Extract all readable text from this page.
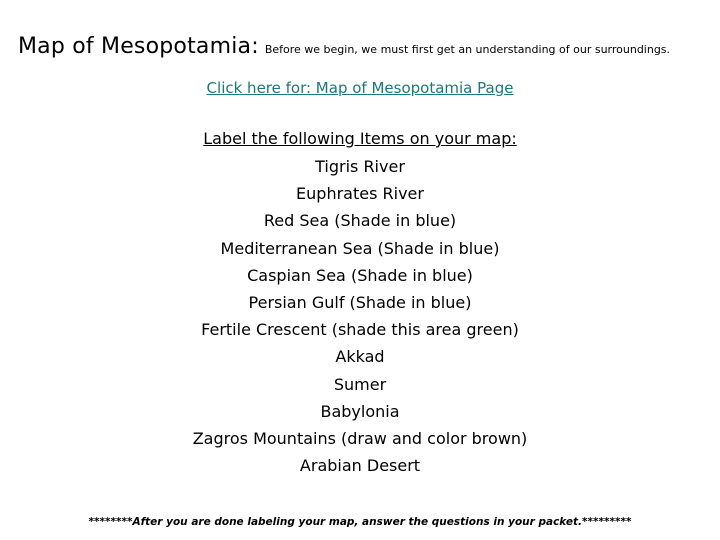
Map of Mesopotamia: Before we begin, we must first get an understanding of our surroundings.
Click here for: Map of Mesopotamia Page
Label the following Items on your map:
Tigris River
Euphrates River
Red Sea (Shade in blue)
Mediterranean Sea (Shade in blue)
Caspian Sea (Shade in blue)
Persian Gulf (Shade in blue)
Fertile Crescent (shade this area green)
Akkad
Sumer
Babylonia
Zagros Mountains (draw and color brown)
Arabian Desert
********After you are done labeling your map, answer the questions in your packet.*********
